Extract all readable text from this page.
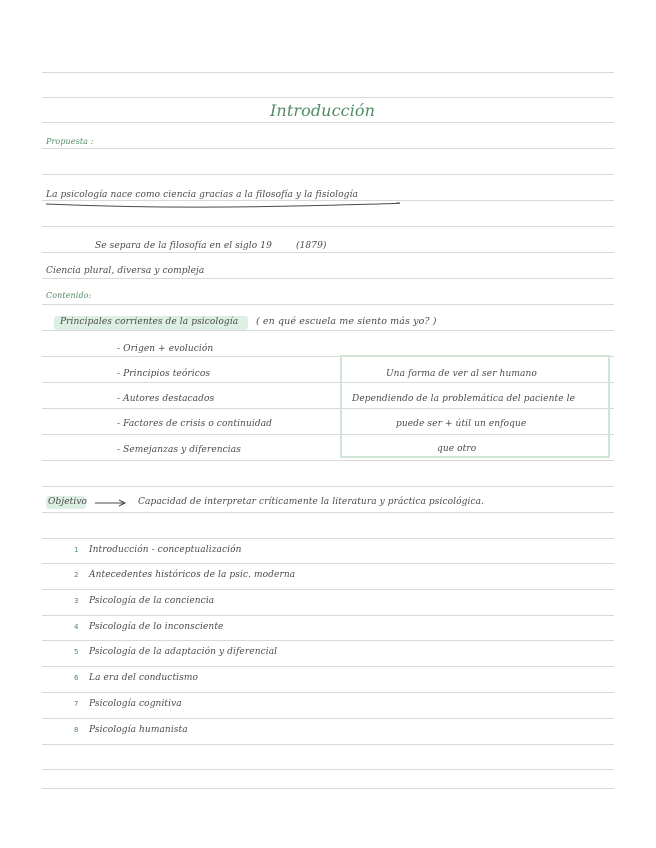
Introducción
Propuesta :
La psicología nace como ciencia gracias a la filosofía y la fisiología
Se separa de la filosofía en el siglo 19	(1879)
Ciencia plural, diversa y compleja
Contenido:
Principales corrientes de la psicología ( en qué escuela me siento más yo? )
- Origen + evolución
- Principios teóricos
- Autores destacados
- Factores de crisis o continuidad
- Semejanzas y diferencias
Una forma de ver al ser humano
Dependiendo de la problemática del paciente le
puede ser + útil un enfoque
que otro
Objetivo	Capacidad de interpretar críticamente la literatura y práctica psicológica.
1 Introducción - conceptualización
2 Antecedentes históricos de la psic. moderna
3 Psicología de la conciencia
4 Psicología de lo inconsciente
5 Psicología de la adaptación y diferencial
6 La era del conductismo
7 Psicología cognitiva
8 Psicología humanista
